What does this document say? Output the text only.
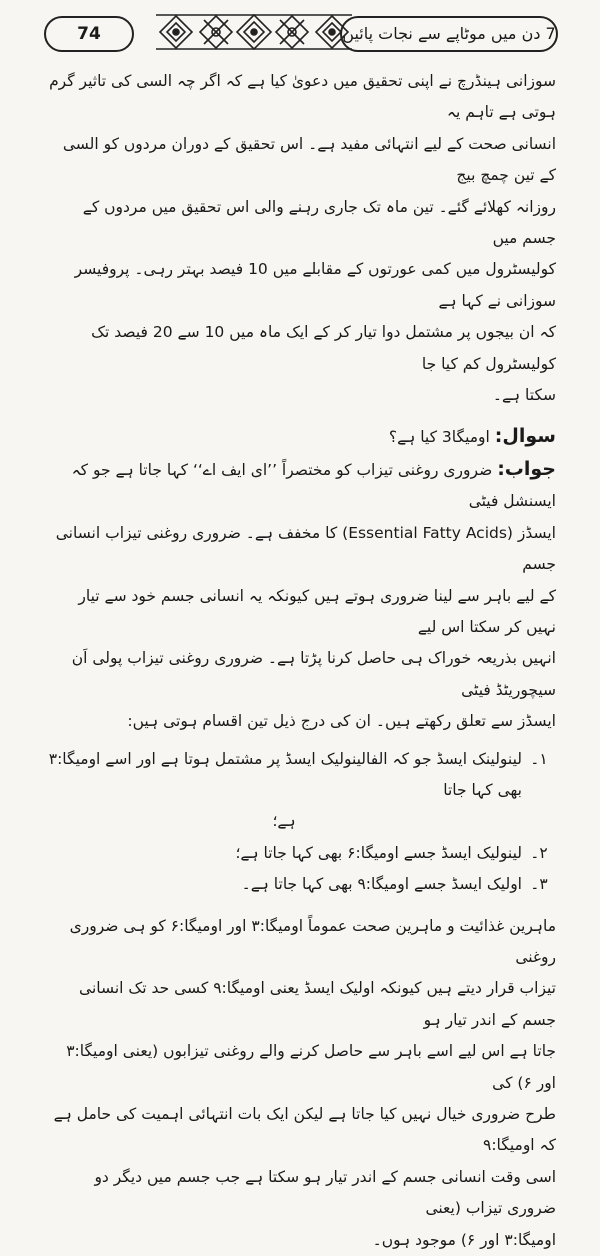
74	7 دن میں موٹاپے سے نجات پائیں

سوزانی ہینڈرچ نے اپنی تحقیق میں دعویٰ کیا ہے کہ اگر چہ السی کی تاثیر گرم ہوتی ہے تاہم یہ

انسانی صحت کے لیے انتہائی مفید ہے۔ اس تحقیق کے دوران مردوں کو السی کے تین چمچ بیج

روزانہ کھلائے گئے۔ تین ماہ تک جاری رہنے والی اس تحقیق میں مردوں کے جسم میں

کولیسٹرول میں کمی عورتوں کے مقابلے میں 10 فیصد بہتر رہی۔ پروفیسر سوزانی نے کہا ہے

کہ ان بیجوں پر مشتمل دوا تیار کر کے ایک ماہ میں 10 سے 20 فیصد تک کولیسٹرول کم کیا جا

سکتا ہے۔

سوال: اومیگا3 کیا ہے؟

جواب: ضروری روغنی تیزاب کو مختصراً ’’ای ایف اے‘‘ کہا جاتا ہے جو کہ ایسنشل فیٹی

ایسڈز (Essential Fatty Acids) کا مخفف ہے۔ ضروری روغنی تیزاب انسانی جسم

کے لیے باہر سے لینا ضروری ہوتے ہیں کیونکہ یہ انسانی جسم خود سے تیار نہیں کر سکتا اس لیے

انہیں بذریعہ خوراک ہی حاصل کرنا پڑتا ہے۔ ضروری روغنی تیزاب پولی اَن سیچوریٹڈ فیٹی

ایسڈز سے تعلق رکھتے ہیں۔ ان کی درج ذیل تین اقسام ہوتی ہیں:

۱۔
لینولینک ایسڈ جو کہ الفالینولیک ایسڈ پر مشتمل ہوتا ہے اور اسے اومیگا:۳ بھی کہا جاتا
ہے؛
۲۔
لینولیک ایسڈ جسے اومیگا:۶ بھی کہا جاتا ہے؛
۳۔
اولیک ایسڈ جسے اومیگا:۹ بھی کہا جاتا ہے۔

ماہرین غذائیت و ماہرین صحت عموماً اومیگا:۳ اور اومیگا:۶ کو ہی ضروری روغنی

تیزاب قرار دیتے ہیں کیونکہ اولیک ایسڈ یعنی اومیگا:۹ کسی حد تک انسانی جسم کے اندر تیار ہو

جاتا ہے اس لیے اسے باہر سے حاصل کرنے والے روغنی تیزابوں (یعنی اومیگا:۳ اور ۶) کی

طرح ضروری خیال نہیں کیا جاتا ہے لیکن ایک بات انتہائی اہمیت کی حامل ہے کہ اومیگا:۹

اسی وقت انسانی جسم کے اندر تیار ہو سکتا ہے جب جسم میں دیگر دو ضروری تیزاب (یعنی

اومیگا:۳ اور ۶) موجود ہوں۔
